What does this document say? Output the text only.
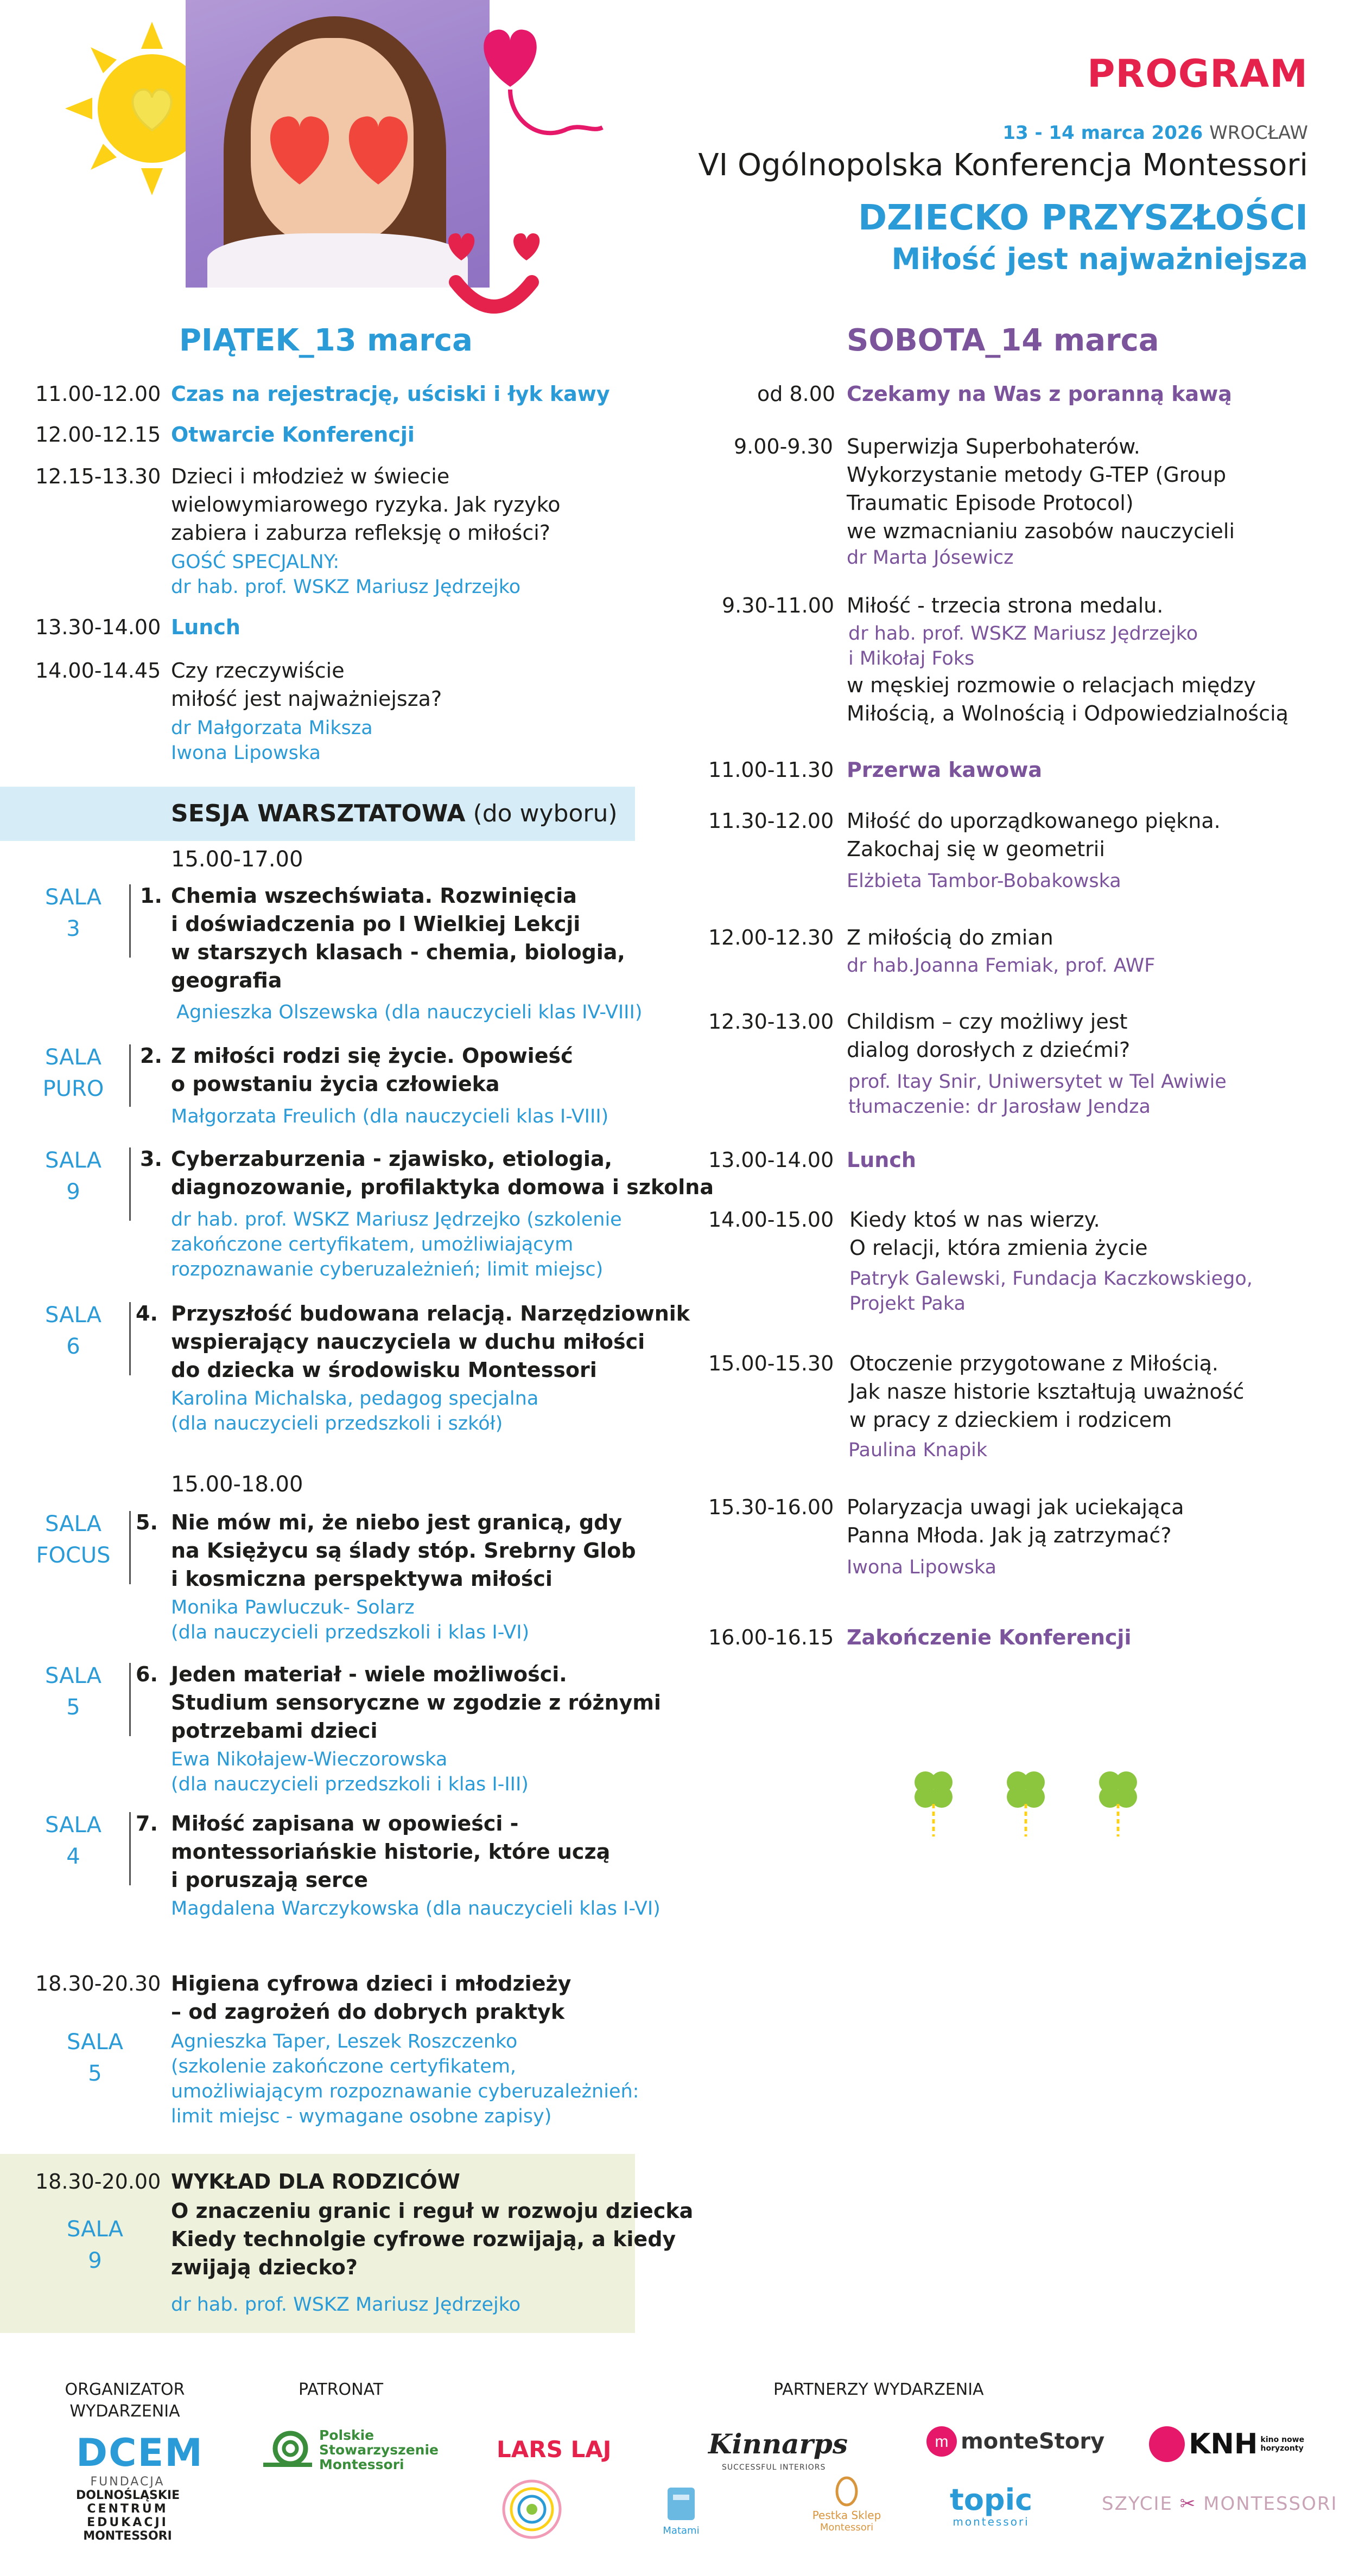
PROGRAM
13 - 14 marca 2026 WROCŁAW
VI Ogólnopolska Konferencja Montessori
DZIECKO PRZYSZŁOŚCI
Miłość jest najważniejsza
PIĄTEK_13 marca	SOBOTA_14 marca
11.00-12.00 Czas na rejestrację, uściski i łyk kawy
12.00-12.15 Otwarcie Konferencji
12.15-13.30 Dzieci i młodzież w świecie
wielowymiarowego ryzyka. Jak ryzyko
zabiera i zaburza refleksję o miłości?
GOŚĆ SPECJALNY:
dr hab. prof. WSKZ Mariusz Jędrzejko
13.30-14.00 Lunch
14.00-14.45 Czy rzeczywiście
miłość jest najważniejsza?
dr Małgorzata Miksza
Iwona Lipowska
SESJA WARSZTATOWA (do wyboru)
15.00-17.00
SALA
3
1. Chemia wszechświata. Rozwinięcia
i doświadczenia po I Wielkiej Lekcji
w starszych klasach - chemia, biologia,
geografia
Agnieszka Olszewska (dla nauczycieli klas IV-VIII)
SALA
PURO
2. Z miłości rodzi się życie. Opowieść
o powstaniu życia człowieka
Małgorzata Freulich (dla nauczycieli klas I-VIII)
SALA
9
3. Cyberzaburzenia - zjawisko, etiologia,
diagnozowanie, profilaktyka domowa i szkolna
dr hab. prof. WSKZ Mariusz Jędrzejko (szkolenie
zakończone certyfikatem, umożliwiającym
rozpoznawanie cyberuzależnień; limit miejsc)
SALA
6
4. Przyszłość budowana relacją. Narzędziownik
wspierający nauczyciela w duchu miłości
do dziecka w środowisku Montessori
Karolina Michalska, pedagog specjalna
(dla nauczycieli przedszkoli i szkół)
15.00-18.00
SALA
FOCUS
5. Nie mów mi, że niebo jest granicą, gdy
na Księżycu są ślady stóp. Srebrny Glob
i kosmiczna perspektywa miłości
Monika Pawluczuk- Solarz
(dla nauczycieli przedszkoli i klas I-VI)
SALA
5
6. Jeden materiał - wiele możliwości.
Studium sensoryczne w zgodzie z różnymi
potrzebami dzieci
Ewa Nikołajew-Wieczorowska
(dla nauczycieli przedszkoli i klas I-III)
SALA
4
7. Miłość zapisana w opowieści -
montessoriańskie historie, które uczą
i poruszają serce
Magdalena Warczykowska (dla nauczycieli klas I-VI)
18.30-20.30 Higiena cyfrowa dzieci i młodzieży
– od zagrożeń do dobrych praktyk
SALA
5
Agnieszka Taper, Leszek Roszczenko
(szkolenie zakończone certyfikatem,
umożliwiającym rozpoznawanie cyberuzależnień:
limit miejsc - wymagane osobne zapisy)
18.30-20.00 WYKŁAD DLA RODZICÓW
O znaczeniu granic i reguł w rozwoju dziecka
Kiedy technolgie cyfrowe rozwijają, a kiedy
zwijają dziecko?
SALA
9
dr hab. prof. WSKZ Mariusz Jędrzejko
od 8.00 Czekamy na Was z poranną kawą
9.00-9.30 Superwizja Superbohaterów.
Wykorzystanie metody G-TEP (Group
Traumatic Episode Protocol)
we wzmacnianiu zasobów nauczycieli
dr Marta Jósewicz
9.30-11.00 Miłość - trzecia strona medalu.
dr hab. prof. WSKZ Mariusz Jędrzejko
i Mikołaj Foks
w męskiej rozmowie o relacjach między
Miłością, a Wolnością i Odpowiedzialnością
11.00-11.30 Przerwa kawowa
11.30-12.00 Miłość do uporządkowanego piękna.
Zakochaj się w geometrii
Elżbieta Tambor-Bobakowska
12.00-12.30 Z miłością do zmian
dr hab.Joanna Femiak, prof. AWF
12.30-13.00 Childism – czy możliwy jest
dialog dorosłych z dziećmi?
prof. Itay Snir, Uniwersytet w Tel Awiwie
tłumaczenie: dr Jarosław Jendza
13.00-14.00 Lunch
14.00-15.00 Kiedy ktoś w nas wierzy.
O relacji, która zmienia życie
Patryk Galewski, Fundacja Kaczkowskiego,
Projekt Paka
15.00-15.30 Otoczenie przygotowane z Miłością.
Jak nasze historie kształtują uważność
w pracy z dzieckiem i rodzicem
Paulina Knapik
15.30-16.00 Polaryzacja uwagi jak uciekająca
Panna Młoda. Jak ją zatrzymać?
Iwona Lipowska
16.00-16.15 Zakończenie Konferencji
ORGANIZATOR
WYDARZENIA
PATRONAT	PARTNERZY WYDARZENIA
DCEM
FUNDACJA
DOLNOŚLĄSKIE
CENTRUM
EDUKACJI
MONTESSORI
Polskie
Stowarzyszenie
Montessori
LARS LAJ	Kinnarps
SUCCESSFUL INTERIORS
Matami
Pestka Sklep
Montessori
m monteStory
topic
montessori
KNH kino nowe
horyzonty
SZYCIE ✂ MONTESSORI
